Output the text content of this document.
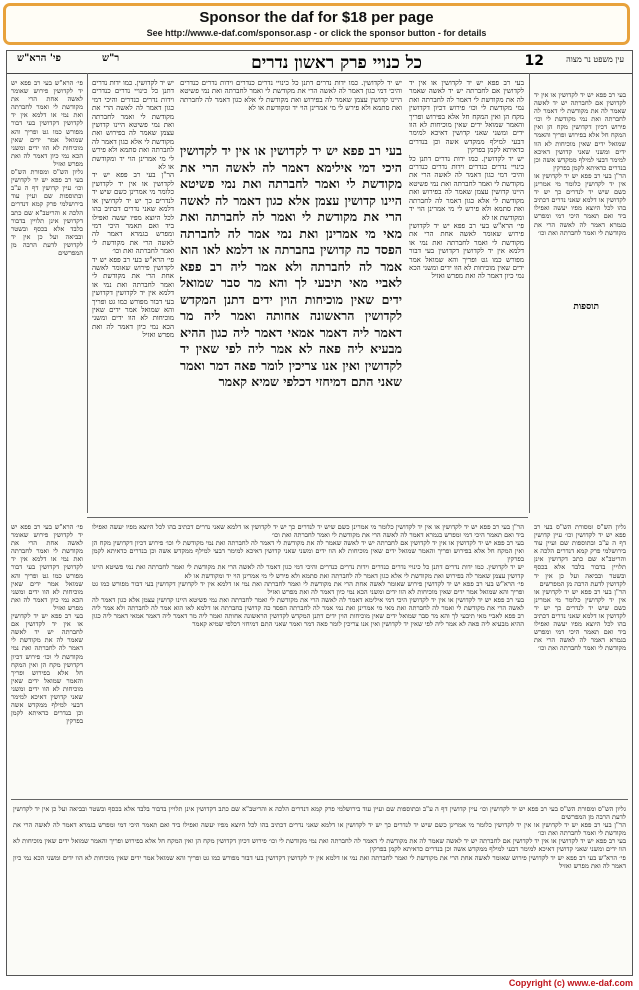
Sponsor the daf for $18 per page
See http://www.e-daf.com/sponsor.asp - or click the sponsor button - for details
12
כל כנויי פרק ראשון נדרים
ר"ש
פי' הרא"ש	עין משפט נר מצוה

בעי רב פפא יש יד לקדושין או אין יד לקדושין אם לחברתה יש יד לאשה שאמר לה את מקודשת לי דאמר לה לחברתה ואת נמי מקודשת לי וכו׳ פירוש דכיון דקדושין מקח הן ואין המקח חל אלא בפירוש ופריך והאמר שמואל ידים שאין מוכיחות לא הוו ידים ומשני שאני קדושין דאיכא למימר דבעי למילף ממקדש אשה וכן בנדרים כדאיתא לקמן בפרקין

הר"ן בעי רב פפא יש יד לקדושין או אין יד לקדושין כלומר מי אמרינן כשם שיש יד לנדרים כך יש יד לקדושין או דלמא שאני נדרים דכתיב בהו לכל היוצא מפיו יעשה ואפילו ביד ואם תאמר היכי דמי ומפרש בגמרא דאמר לה לאשה הרי את מקודשת לי ואמר לחברתה ואת וכו׳

תוספות

בעי רב פפא יש יד לקדושין או אין יד לקדושין אם לחברתה יש יד לאשה שאמר לה את מקודשת לי דאמר לה לחברתה ואת נמי מקודשת לי וכו׳ פירוש דכיון דקדושין מקח הן ואין המקח חל אלא בפירוש ופריך והאמר שמואל ידים שאין מוכיחות לא הוו ידים ומשני שאני קדושין דאיכא למימר דבעי למילף ממקדש אשה וכן בנדרים כדאיתא לקמן בפרקין

יש יד לקדושין. כמו ידות נדרים דתנן כל כינויי נדרים כנדרים וידות נדרים כנדרים והיכי דמי כגון דאמר לה לאשה הרי את מקודשת לי ואמר לחברתה ואת נמי פשיטא היינו קדושין עצמן שאמר לה בפירוש ואת מקודשת לי אלא כגון דאמר לה לחברתה ואת סתמא ולא פירש לי מי אמרינן הוי יד ומקודשת או לא

פי׳ הרא"ש בעי רב פפא יש יד לקדושין פירוש שאומר לאשה אחת הרי את מקודשת לי ואמר לחברתה ואת נמי או דלמא אין יד לקדושין דקדושין בעי דבור מפורש כמו גט ופריך והא שמואל אמר ידים שאין מוכיחות לא הוו ידים ומשני הכא נמי כיון דאמר לה ואת מפרש ואזיל

בעי רב פפא יש יד לקדושין או אין יד לקדושין היכי דמי אילימא דאמר לה לאשה הרי את מקודשת לי ואמר לחברתה ואת נמי פשיטא היינו קדושין עצמן אלא כגון דאמר לה לאשה הרי את מקודשת לי ואמר לה לחברתה ואת מאי מי אמרינן ואת נמי אמר לה לחברתה הפסד כה קדושין בחברתה או דלמא לאו הוא אמר לה לחברתה ולא אמר ליה רב פפא לאביי מאי תיבעי לך והא מר סבר שמואל ידים שאין מוכיחות הוין ידים דתנן המקדש לקדושין הראשונה אחותה ואמר ליה מר דאמר ליה דאמר אמאי דאמר ליה כגון ההיא מבעיא ליה פאה לא אמר ליה לפי שאין יד לקדושין ואין אנו צריכין לומר פאה דמר ואמר שאני התם דמיחזי דכלפי שמיא קאמר

יש יד לקדושין. כמו ידות נדרים דתנן כל כינויי נדרים כנדרים וידות נדרים כנדרים והיכי דמי כגון דאמר לה לאשה הרי את מקודשת לי ואמר לחברתה ואת נמי פשיטא היינו קדושין עצמן שאמר לה בפירוש ואת מקודשת לי אלא כגון דאמר לה לחברתה ואת סתמא ולא פירש לי מי אמרינן הוי יד ומקודשת או לא

יש יד לקדושין. כמו ידות נדרים דתנן כל כינויי נדרים כנדרים וידות נדרים כנדרים והיכי דמי כגון דאמר לה לאשה הרי את מקודשת לי ואמר לחברתה ואת נמי פשיטא היינו קדושין עצמן שאמר לה בפירוש ואת מקודשת לי אלא כגון דאמר לה לחברתה ואת סתמא ולא פירש לי מי אמרינן הוי יד ומקודשת או לא

הר"ן בעי רב פפא יש יד לקדושין או אין יד לקדושין כלומר מי אמרינן כשם שיש יד לנדרים כך יש יד לקדושין או דלמא שאני נדרים דכתיב בהו לכל היוצא מפיו יעשה ואפילו ביד ואם תאמר היכי דמי ומפרש בגמרא דאמר לה לאשה הרי את מקודשת לי ואמר לחברתה ואת וכו׳

פי׳ הרא"ש בעי רב פפא יש יד לקדושין פירוש שאומר לאשה אחת הרי את מקודשת לי ואמר לחברתה ואת נמי או דלמא אין יד לקדושין דקדושין בעי דבור מפורש כמו גט ופריך והא שמואל אמר ידים שאין מוכיחות לא הוו ידים ומשני הכא נמי כיון דאמר לה ואת מפרש ואזיל

פי׳ הרא"ש בעי רב פפא יש יד לקדושין פירוש שאומר לאשה אחת הרי את מקודשת לי ואמר לחברתה ואת נמי או דלמא אין יד לקדושין דקדושין בעי דבור מפורש כמו גט ופריך והא שמואל אמר ידים שאין מוכיחות לא הוו ידים ומשני הכא נמי כיון דאמר לה ואת מפרש ואזיל

גליון הש"ס ומסורת הש"ס בעי רב פפא יש יד לקדושין וכו׳ עיין קדושין דף ה ע"ב ובתוספות שם ועיין עוד בירושלמי פרק קמא דנדרים הלכה א והריטב"א שם כתב דקדושין אינן תלויין בדבור בלבד אלא בכסף ובשטר ובביאה ועל כן אין יד לקדושין לדעת הרבה מן המפרשים

הר"ן בעי רב פפא יש יד לקדושין או אין יד לקדושין כלומר מי אמרינן כשם שיש יד לנדרים כך יש יד לקדושין או דלמא שאני נדרים דכתיב בהו לכל היוצא מפיו יעשה ואפילו ביד ואם תאמר היכי דמי ומפרש בגמרא דאמר לה לאשה הרי את מקודשת לי ואמר לחברתה ואת וכו׳

בעי רב פפא יש יד לקדושין או אין יד לקדושין אם לחברתה יש יד לאשה שאמר לה את מקודשת לי דאמר לה לחברתה ואת נמי מקודשת לי וכו׳ פירוש דכיון דקדושין מקח הן ואין המקח חל אלא בפירוש ופריך והאמר שמואל ידים שאין מוכיחות לא הוו ידים ומשני שאני קדושין דאיכא למימר דבעי למילף ממקדש אשה וכן בנדרים כדאיתא לקמן בפרקין

יש יד לקדושין. כמו ידות נדרים דתנן כל כינויי נדרים כנדרים וידות נדרים כנדרים והיכי דמי כגון דאמר לה לאשה הרי את מקודשת לי ואמר לחברתה ואת נמי פשיטא היינו קדושין עצמן שאמר לה בפירוש ואת מקודשת לי אלא כגון דאמר לה לחברתה ואת סתמא ולא פירש לי מי אמרינן הוי יד ומקודשת או לא

פי׳ הרא"ש בעי רב פפא יש יד לקדושין פירוש שאומר לאשה אחת הרי את מקודשת לי ואמר לחברתה ואת נמי או דלמא אין יד לקדושין דקדושין בעי דבור מפורש כמו גט ופריך והא שמואל אמר ידים שאין מוכיחות לא הוו ידים ומשני הכא נמי כיון דאמר לה ואת מפרש ואזיל

בעי רב פפא יש יד לקדושין או אין יד לקדושין היכי דמי אילימא דאמר לה לאשה הרי את מקודשת לי ואמר לחברתה ואת נמי פשיטא היינו קדושין עצמן אלא כגון דאמר לה לאשה הרי את מקודשת לי ואמר לה לחברתה ואת מאי מי אמרינן ואת נמי אמר לה לחברתה הפסד כה קדושין בחברתה או דלמא לאו הוא אמר לה לחברתה ולא אמר ליה רב פפא לאביי מאי תיבעי לך והא מר סבר שמואל ידים שאין מוכיחות הוין ידים דתנן המקדש לקדושין הראשונה אחותה ואמר ליה מר דאמר ליה דאמר אמאי דאמר ליה כגון ההיא מבעיא ליה פאה לא אמר ליה לפי שאין יד לקדושין ואין אנו צריכין לומר פאה דמר ואמר שאני התם דמיחזי דכלפי שמיא קאמר

גליון הש"ס ומסורת הש"ס בעי רב פפא יש יד לקדושין וכו׳ עיין קדושין דף ה ע"ב ובתוספות שם ועיין עוד בירושלמי פרק קמא דנדרים הלכה א והריטב"א שם כתב דקדושין אינן תלויין בדבור בלבד אלא בכסף ובשטר ובביאה ועל כן אין יד לקדושין לדעת הרבה מן המפרשים

הר"ן בעי רב פפא יש יד לקדושין או אין יד לקדושין כלומר מי אמרינן כשם שיש יד לנדרים כך יש יד לקדושין או דלמא שאני נדרים דכתיב בהו לכל היוצא מפיו יעשה ואפילו ביד ואם תאמר היכי דמי ומפרש בגמרא דאמר לה לאשה הרי את מקודשת לי ואמר לחברתה ואת וכו׳

פי׳ הרא"ש בעי רב פפא יש יד לקדושין פירוש שאומר לאשה אחת הרי את מקודשת לי ואמר לחברתה ואת נמי או דלמא אין יד לקדושין דקדושין בעי דבור מפורש כמו גט ופריך והא שמואל אמר ידים שאין מוכיחות לא הוו ידים ומשני הכא נמי כיון דאמר לה ואת מפרש ואזיל

בעי רב פפא יש יד לקדושין או אין יד לקדושין אם לחברתה יש יד לאשה שאמר לה את מקודשת לי דאמר לה לחברתה ואת נמי מקודשת לי וכו׳ פירוש דכיון דקדושין מקח הן ואין המקח חל אלא בפירוש ופריך והאמר שמואל ידים שאין מוכיחות לא הוו ידים ומשני שאני קדושין דאיכא למימר דבעי למילף ממקדש אשה וכן בנדרים כדאיתא לקמן בפרקין

גליון הש"ס ומסורת הש"ס בעי רב פפא יש יד לקדושין וכו׳ עיין קדושין דף ה ע"ב ובתוספות שם ועיין עוד בירושלמי פרק קמא דנדרים הלכה א והריטב"א שם כתב דקדושין אינן תלויין בדבור בלבד אלא בכסף ובשטר ובביאה ועל כן אין יד לקדושין לדעת הרבה מן המפרשים

הר"ן בעי רב פפא יש יד לקדושין או אין יד לקדושין כלומר מי אמרינן כשם שיש יד לנדרים כך יש יד לקדושין או דלמא שאני נדרים דכתיב בהו לכל היוצא מפיו יעשה ואפילו ביד ואם תאמר היכי דמי ומפרש בגמרא דאמר לה לאשה הרי את מקודשת לי ואמר לחברתה ואת וכו׳

בעי רב פפא יש יד לקדושין או אין יד לקדושין אם לחברתה יש יד לאשה שאמר לה את מקודשת לי דאמר לה לחברתה ואת נמי מקודשת לי וכו׳ פירוש דכיון דקדושין מקח הן ואין המקח חל אלא בפירוש ופריך והאמר שמואל ידים שאין מוכיחות לא הוו ידים ומשני שאני קדושין דאיכא למימר דבעי למילף ממקדש אשה וכן בנדרים כדאיתא לקמן בפרקין

פי׳ הרא"ש בעי רב פפא יש יד לקדושין פירוש שאומר לאשה אחת הרי את מקודשת לי ואמר לחברתה ואת נמי או דלמא אין יד לקדושין דקדושין בעי דבור מפורש כמו גט ופריך והא שמואל אמר ידים שאין מוכיחות לא הוו ידים ומשני הכא נמי כיון דאמר לה ואת מפרש ואזיל

Copyright (c) www.e-daf.com
